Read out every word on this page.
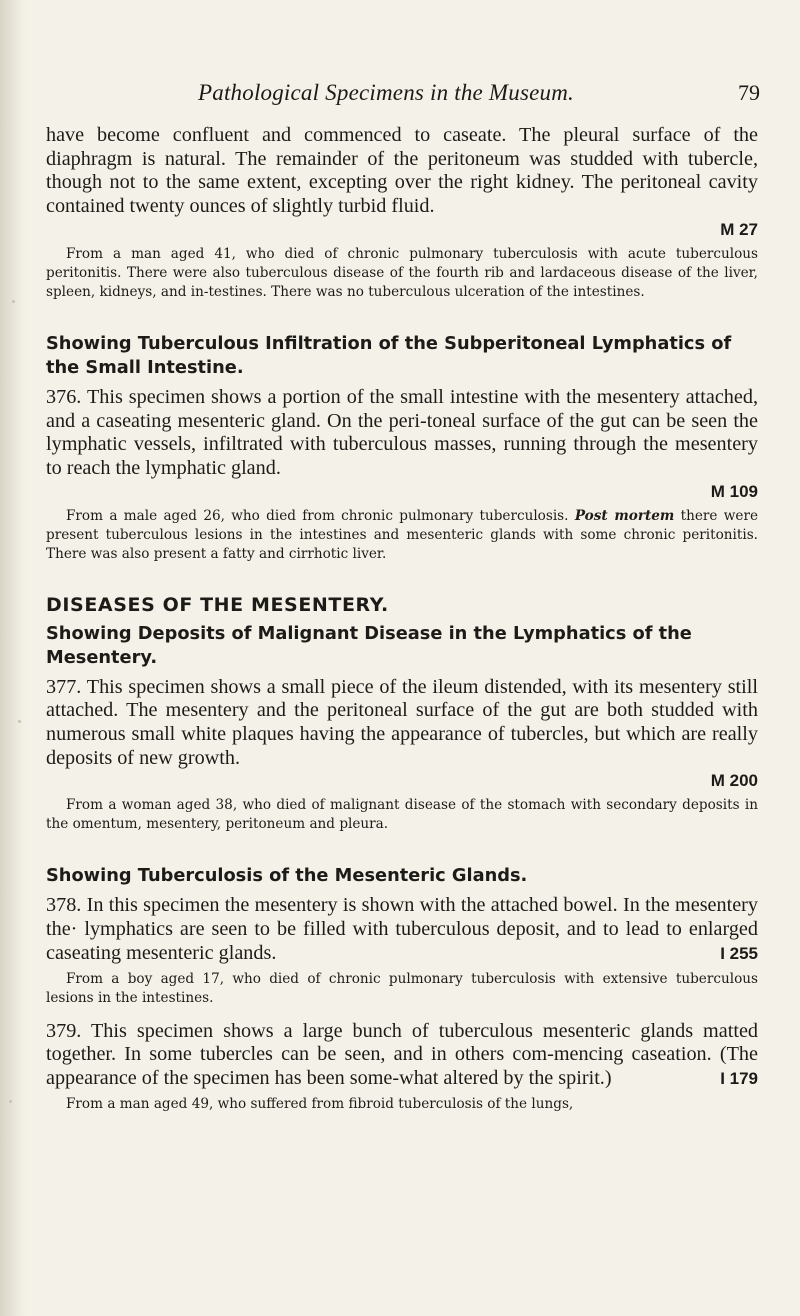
Pathological Specimens in the Museum.	79

have become confluent and commenced to caseate. The pleural surface of the diaphragm is natural. The remainder of the peritoneum was studded with tubercle, though not to the same extent, excepting over the right kidney. The peritoneal cavity contained twenty ounces of slightly turbid fluid.

M 27

From a man aged 41, who died of chronic pulmonary tuberculosis with acute tuberculous peritonitis. There were also tuberculous disease of the fourth rib and lardaceous disease of the liver, spleen, kidneys, and in-testines. There was no tuberculous ulceration of the intestines.

Showing Tuberculous Infiltration of the Subperitoneal Lymphatics of the Small Intestine.

376. This specimen shows a portion of the small intestine with the mesentery attached, and a caseating mesenteric gland. On the peri-toneal surface of the gut can be seen the lymphatic vessels, infiltrated with tuberculous masses, running through the mesentery to reach the lymphatic gland.

M 109

From a male aged 26, who died from chronic pulmonary tuberculosis. Post mortem there were present tuberculous lesions in the intestines and mesenteric glands with some chronic peritonitis. There was also present a fatty and cirrhotic liver.

DISEASES OF THE MESENTERY.

Showing Deposits of Malignant Disease in the Lymphatics of the Mesentery.

377. This specimen shows a small piece of the ileum distended, with its mesentery still attached. The mesentery and the peritoneal surface of the gut are both studded with numerous small white plaques having the appearance of tubercles, but which are really deposits of new growth.

M 200

From a woman aged 38, who died of malignant disease of the stomach with secondary deposits in the omentum, mesentery, peritoneum and pleura.

Showing Tuberculosis of the Mesenteric Glands.

378. In this specimen the mesentery is shown with the attached bowel. In the mesentery the· lymphatics are seen to be filled with tuberculous deposit, and to lead to enlarged caseating mesenteric glands.	I 255

From a boy aged 17, who died of chronic pulmonary tuberculosis with extensive tuberculous lesions in the intestines.

379. This specimen shows a large bunch of tuberculous mesenteric glands matted together. In some tubercles can be seen, and in others com-mencing caseation. (The appearance of the specimen has been some-what altered by the spirit.)	I 179

From a man aged 49, who suffered from fibroid tuberculosis of the lungs,
